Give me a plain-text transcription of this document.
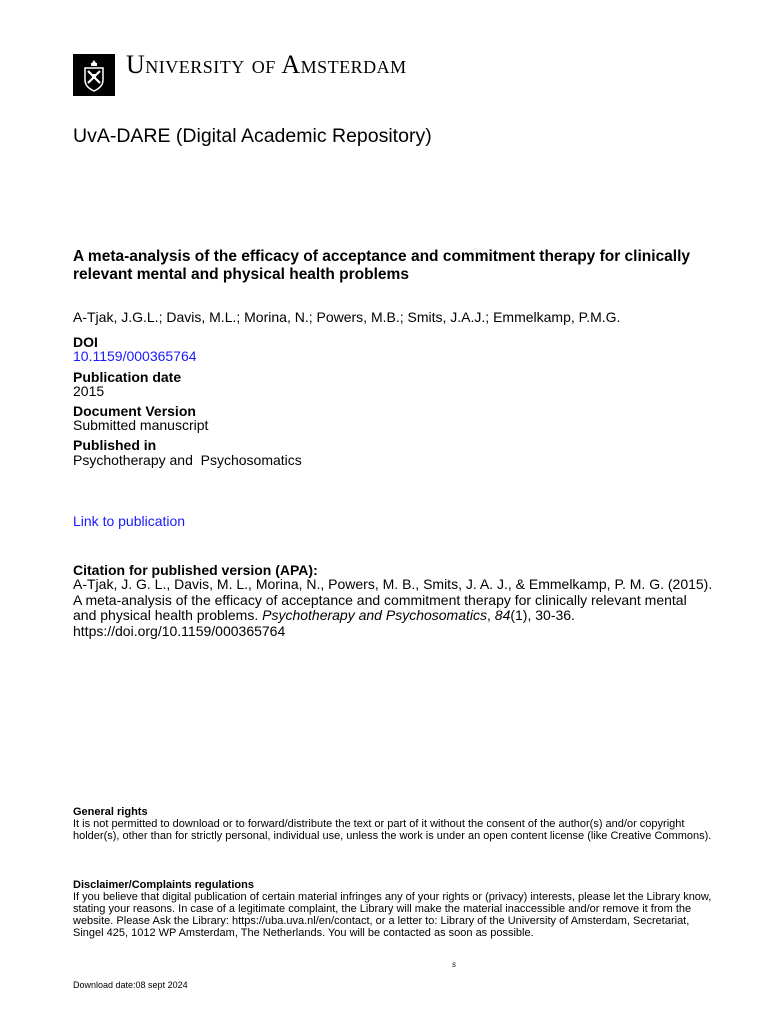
University of Amsterdam
UvA-DARE (Digital Academic Repository)
A meta-analysis of the efficacy of acceptance and commitment therapy for clinically relevant mental and physical health problems
A-Tjak, J.G.L.; Davis, M.L.; Morina, N.; Powers, M.B.; Smits, J.A.J.; Emmelkamp, P.M.G.
DOI
10.1159/000365764
Publication date
2015
Document Version
Submitted manuscript
Published in
Psychotherapy and  Psychosomatics
Link to publication
Citation for published version (APA):
A-Tjak, J. G. L., Davis, M. L., Morina, N., Powers, M. B., Smits, J. A. J., & Emmelkamp, P. M. G. (2015). A meta-analysis of the efficacy of acceptance and commitment therapy for clinically relevant mental and physical health problems. Psychotherapy and Psychosomatics, 84(1), 30-36. https://doi.org/10.1159/000365764
General rights
It is not permitted to download or to forward/distribute the text or part of it without the consent of the author(s) and/or copyright holder(s), other than for strictly personal, individual use, unless the work is under an open content license (like Creative Commons).
Disclaimer/Complaints regulations
If you believe that digital publication of certain material infringes any of your rights or (privacy) interests, please let the Library know, stating your reasons. In case of a legitimate complaint, the Library will make the material inaccessible and/or remove it from the website. Please Ask the Library: https://uba.uva.nl/en/contact, or a letter to: Library of the University of Amsterdam, Secretariat, Singel 425, 1012 WP Amsterdam, The Netherlands. You will be contacted as soon as possible.
s
Download date:08 sept 2024
